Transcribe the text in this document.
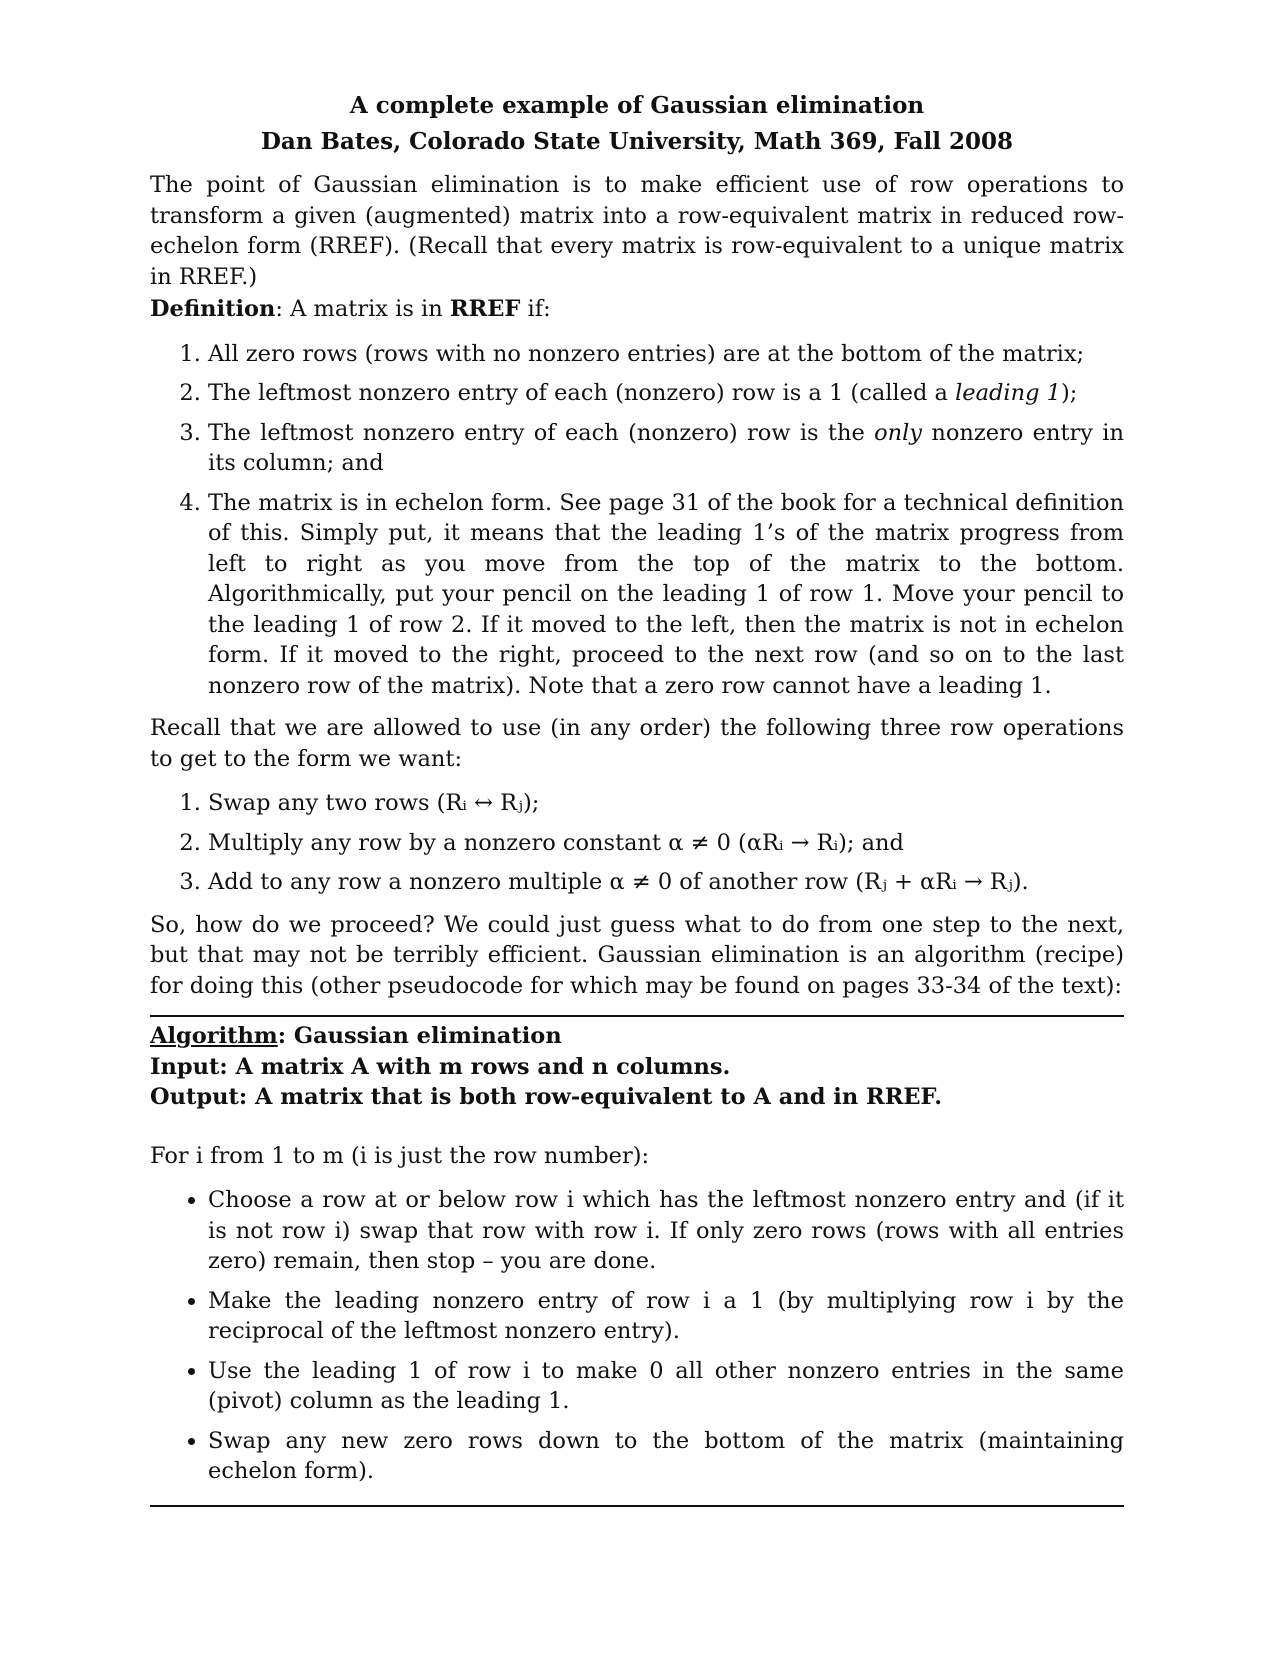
A complete example of Gaussian elimination
Dan Bates, Colorado State University, Math 369, Fall 2008

The point of Gaussian elimination is to make efficient use of row operations to transform a given (augmented) matrix into a row-equivalent matrix in reduced row-echelon form (RREF). (Recall that every matrix is row-equivalent to a unique matrix in RREF.)

Definition: A matrix is in RREF if:

1. All zero rows (rows with no nonzero entries) are at the bottom of the matrix;
2. The leftmost nonzero entry of each (nonzero) row is a 1 (called a leading 1);
3. The leftmost nonzero entry of each (nonzero) row is the only nonzero entry in its column; and
4. The matrix is in echelon form. See page 31 of the book for a technical definition of this. Simply put, it means that the leading 1’s of the matrix progress from left to right as you move from the top of the matrix to the bottom. Algorithmically, put your pencil on the leading 1 of row 1. Move your pencil to the leading 1 of row 2. If it moved to the left, then the matrix is not in echelon form. If it moved to the right, proceed to the next row (and so on to the last nonzero row of the matrix). Note that a zero row cannot have a leading 1.

Recall that we are allowed to use (in any order) the following three row operations to get to the form we want:

1. Swap any two rows (Rᵢ ↔ Rⱼ);
2. Multiply any row by a nonzero constant α ≠ 0 (αRᵢ → Rᵢ); and
3. Add to any row a nonzero multiple α ≠ 0 of another row (Rⱼ + αRᵢ → Rⱼ).

So, how do we proceed? We could just guess what to do from one step to the next, but that may not be terribly efficient. Gaussian elimination is an algorithm (recipe) for doing this (other pseudocode for which may be found on pages 33-34 of the text):

Algorithm: Gaussian elimination
Input: A matrix A with m rows and n columns.
Output: A matrix that is both row-equivalent to A and in RREF.

For i from 1 to m (i is just the row number):

• Choose a row at or below row i which has the leftmost nonzero entry and (if it is not row i) swap that row with row i. If only zero rows (rows with all entries zero) remain, then stop – you are done.
• Make the leading nonzero entry of row i a 1 (by multiplying row i by the reciprocal of the leftmost nonzero entry).
• Use the leading 1 of row i to make 0 all other nonzero entries in the same (pivot) column as the leading 1.
• Swap any new zero rows down to the bottom of the matrix (maintaining echelon form).
